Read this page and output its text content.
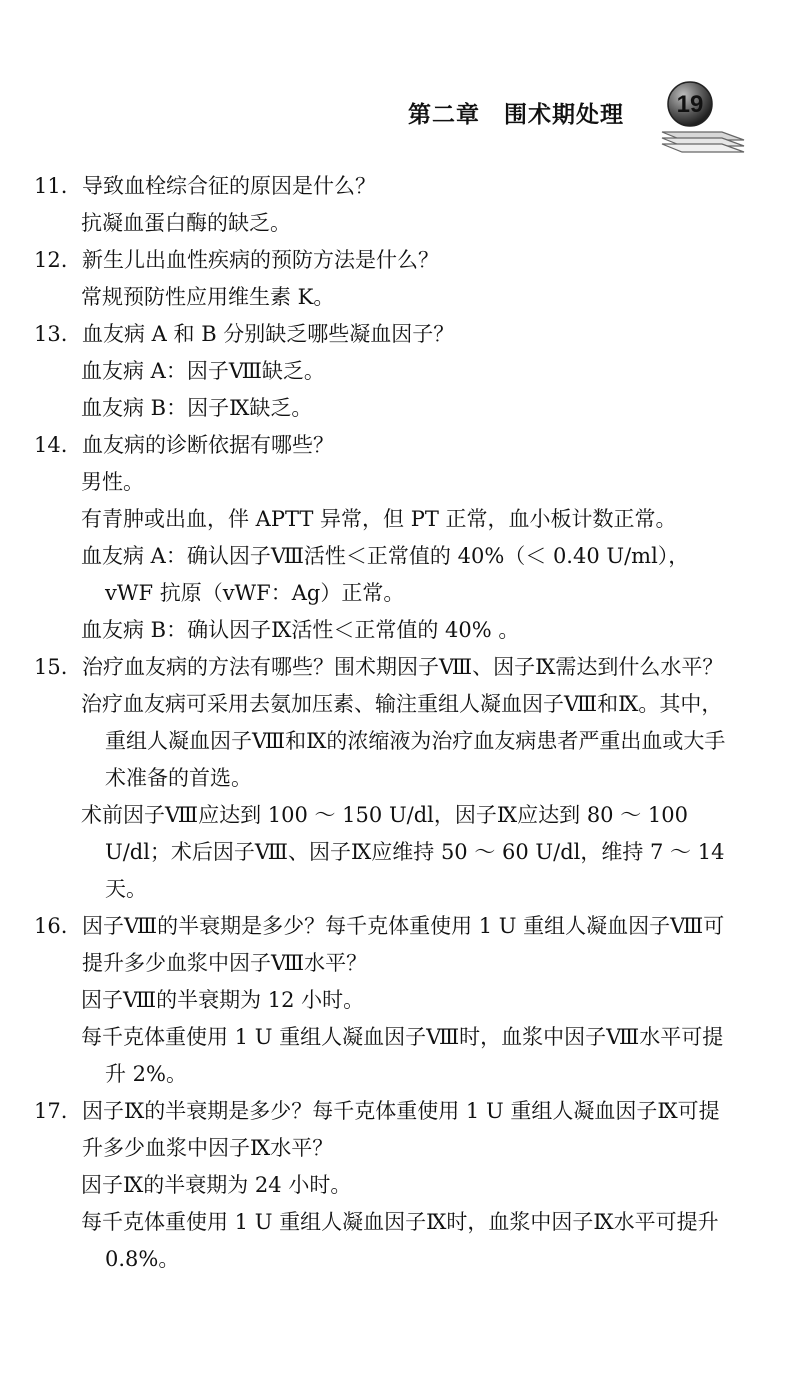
第二章　围术期处理 19
11. 导致血栓综合征的原因是什么？
抗凝血蛋白酶的缺乏。
12. 新生儿出血性疾病的预防方法是什么？
常规预防性应用维生素 K。
13. 血友病 A 和 B 分别缺乏哪些凝血因子？
血友病 A：因子Ⅷ缺乏。
血友病 B：因子Ⅸ缺乏。
14. 血友病的诊断依据有哪些？
男性。
有青肿或出血，伴 APTT 异常，但 PT 正常，血小板计数正常。
血友病 A：确认因子Ⅷ活性＜正常值的 40%（＜ 0.40 U/ml），vWF 抗原（vWF：Ag）正常。
血友病 B：确认因子Ⅸ活性＜正常值的 40% 。
15. 治疗血友病的方法有哪些？围术期因子Ⅷ、因子Ⅸ需达到什么水平？
治疗血友病可采用去氨加压素、输注重组人凝血因子Ⅷ和Ⅸ。其中，重组人凝血因子Ⅷ和Ⅸ的浓缩液为治疗血友病患者严重出血或大手术准备的首选。
术前因子Ⅷ应达到 100 ～ 150 U/dl，因子Ⅸ应达到 80 ～ 100 U/dl；术后因子Ⅷ、因子Ⅸ应维持 50 ～ 60 U/dl，维持 7 ～ 14 天。
16. 因子Ⅷ的半衰期是多少？每千克体重使用 1 U 重组人凝血因子Ⅷ可提升多少血浆中因子Ⅷ水平？
因子Ⅷ的半衰期为 12 小时。
每千克体重使用 1 U 重组人凝血因子Ⅷ时，血浆中因子Ⅷ水平可提升 2%。
17. 因子Ⅸ的半衰期是多少？每千克体重使用 1 U 重组人凝血因子Ⅸ可提升多少血浆中因子Ⅸ水平？
因子Ⅸ的半衰期为 24 小时。
每千克体重使用 1 U 重组人凝血因子Ⅸ时，血浆中因子Ⅸ水平可提升 0.8%。
